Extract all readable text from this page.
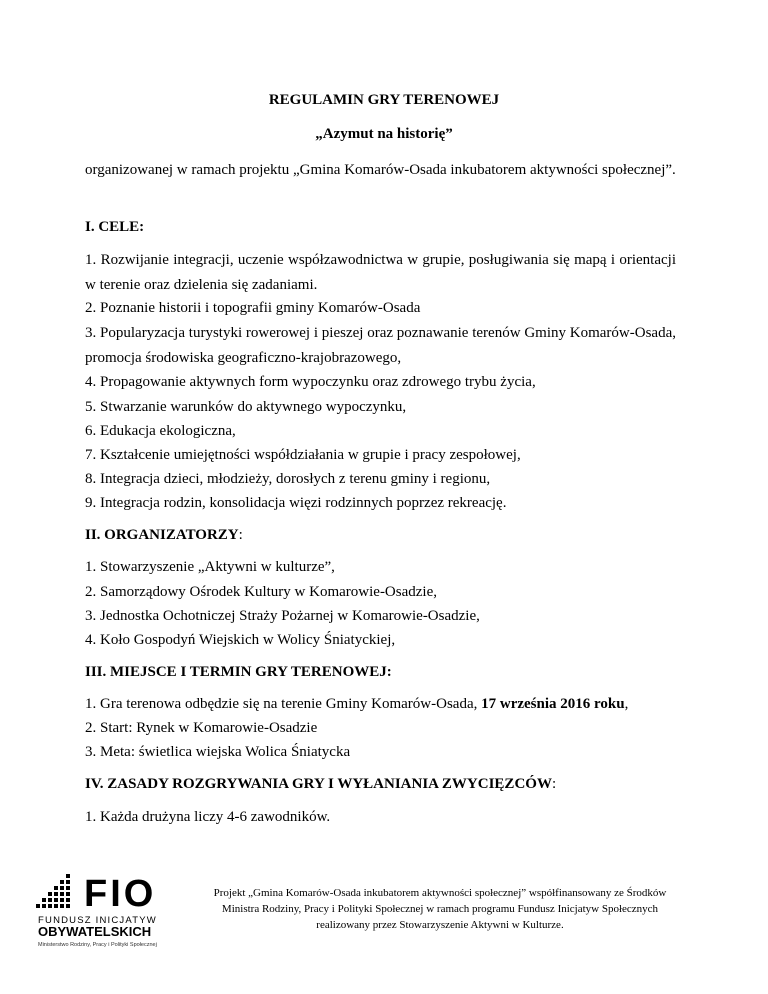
REGULAMIN GRY TERENOWEJ
„Azymut na historię”
organizowanej w ramach projektu „Gmina Komarów-Osada inkubatorem aktywności społecznej”.
I. CELE:
1. Rozwijanie integracji, uczenie współzawodnictwa w grupie, posługiwania się mapą i orientacji w terenie oraz dzielenia się zadaniami.
2. Poznanie historii i topografii gminy Komarów-Osada
3. Popularyzacja turystyki rowerowej i pieszej oraz poznawanie terenów Gminy Komarów-Osada, promocja środowiska geograficzno-krajobrazowego,
4. Propagowanie aktywnych form wypoczynku oraz zdrowego trybu życia,
5. Stwarzanie warunków do aktywnego wypoczynku,
6. Edukacja ekologiczna,
7. Kształcenie umiejętności współdziałania w grupie i pracy zespołowej,
8. Integracja dzieci, młodzieży, dorosłych z terenu gminy i regionu,
9. Integracja rodzin, konsolidacja więzi rodzinnych poprzez rekreację.
II. ORGANIZATORZY:
1. Stowarzyszenie „Aktywni w kulturze”,
2. Samorządowy Ośrodek Kultury w Komarowie-Osadzie,
3. Jednostka Ochotniczej Straży Pożarnej w Komarowie-Osadzie,
4. Koło Gospodyń Wiejskich w Wolicy Śniatyckiej,
III. MIEJSCE I TERMIN GRY TERENOWEJ:
1. Gra terenowa odbędzie się na terenie Gminy Komarów-Osada, 17 września 2016 roku,
2. Start: Rynek w Komarowie-Osadzie
3. Meta: świetlica wiejska Wolica Śniatycka
IV. ZASADY ROZGRYWANIA GRY I WYŁANIANIA ZWYCIĘZCÓW:
1. Każda drużyna liczy 4-6 zawodników.
FIO
FUNDUSZ INICJATYW
OBYWATELSKICH
Ministerstwo Rodziny, Pracy i Polityki Społecznej
Projekt „Gmina Komarów-Osada inkubatorem aktywności społecznej” współfinansowany ze Środków Ministra Rodziny, Pracy i Polityki Społecznej w ramach programu Fundusz Inicjatyw Społecznych realizowany przez Stowarzyszenie Aktywni w Kulturze.
